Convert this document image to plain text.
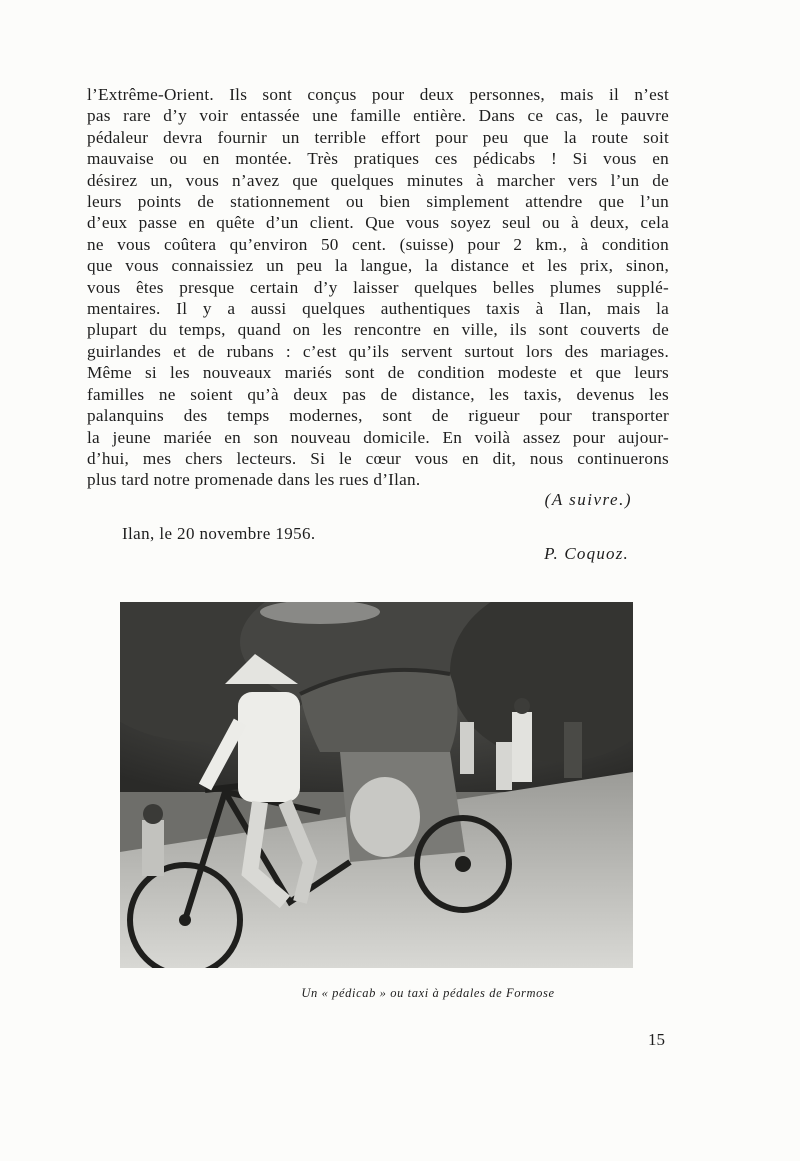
l’Extrême-Orient. Ils sont conçus pour deux personnes, mais il n’est
pas rare d’y voir entassée une famille entière. Dans ce cas, le pauvre
pédaleur devra fournir un terrible effort pour peu que la route soit
mauvaise ou en montée. Très pratiques ces pédicabs ! Si vous en
désirez un, vous n’avez que quelques minutes à marcher vers l’un de
leurs points de stationnement ou bien simplement attendre que l’un
d’eux passe en quête d’un client. Que vous soyez seul ou à deux, cela
ne vous coûtera qu’environ 50 cent. (suisse) pour 2 km., à condition
que vous connaissiez un peu la langue, la distance et les prix, sinon,
vous êtes presque certain d’y laisser quelques belles plumes supplé-
mentaires. Il y a aussi quelques authentiques taxis à Ilan, mais la
plupart du temps, quand on les rencontre en ville, ils sont couverts de
guirlandes et de rubans : c’est qu’ils servent surtout lors des mariages.
Même si les nouveaux mariés sont de condition modeste et que leurs
familles ne soient qu’à deux pas de distance, les taxis, devenus les
palanquins des temps modernes, sont de rigueur pour transporter
la jeune mariée en son nouveau domicile. En voilà assez pour aujour-
d’hui, mes chers lecteurs. Si le cœur vous en dit, nous continuerons
plus tard notre promenade dans les rues d’Ilan.

(A suivre.)

Ilan, le 20 novembre 1956.

P. Coquoz.

Un « pédicab » ou taxi à pédales de Formose

15
